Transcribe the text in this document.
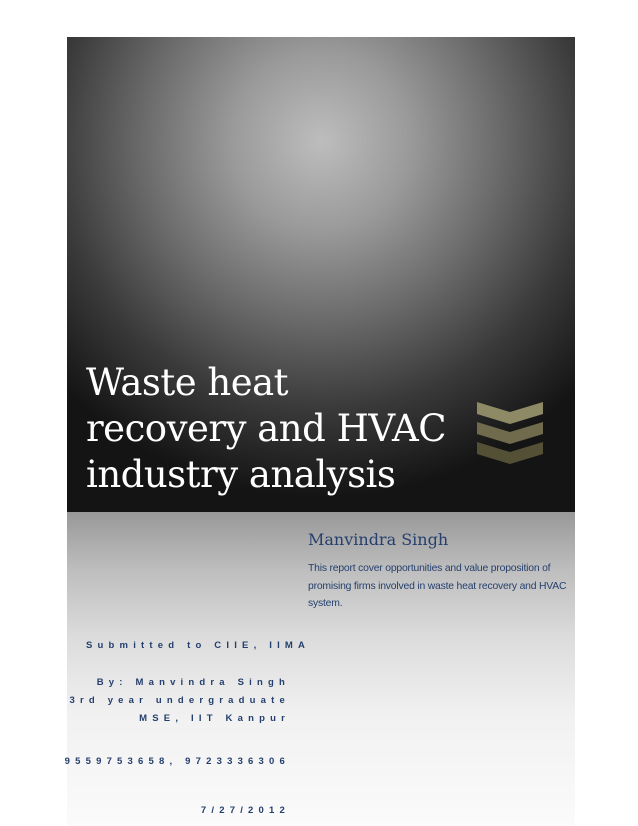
Waste heat
recovery and HVAC
industry analysis

Manvindra Singh

This report cover opportunities and value proposition of promising firms involved in waste heat recovery and HVAC system.

Submitted to CIIE, IIMA

By: Manvindra Singh

3rd year undergraduate

MSE, IIT Kanpur

9559753658, 9723336306

7/27/2012
